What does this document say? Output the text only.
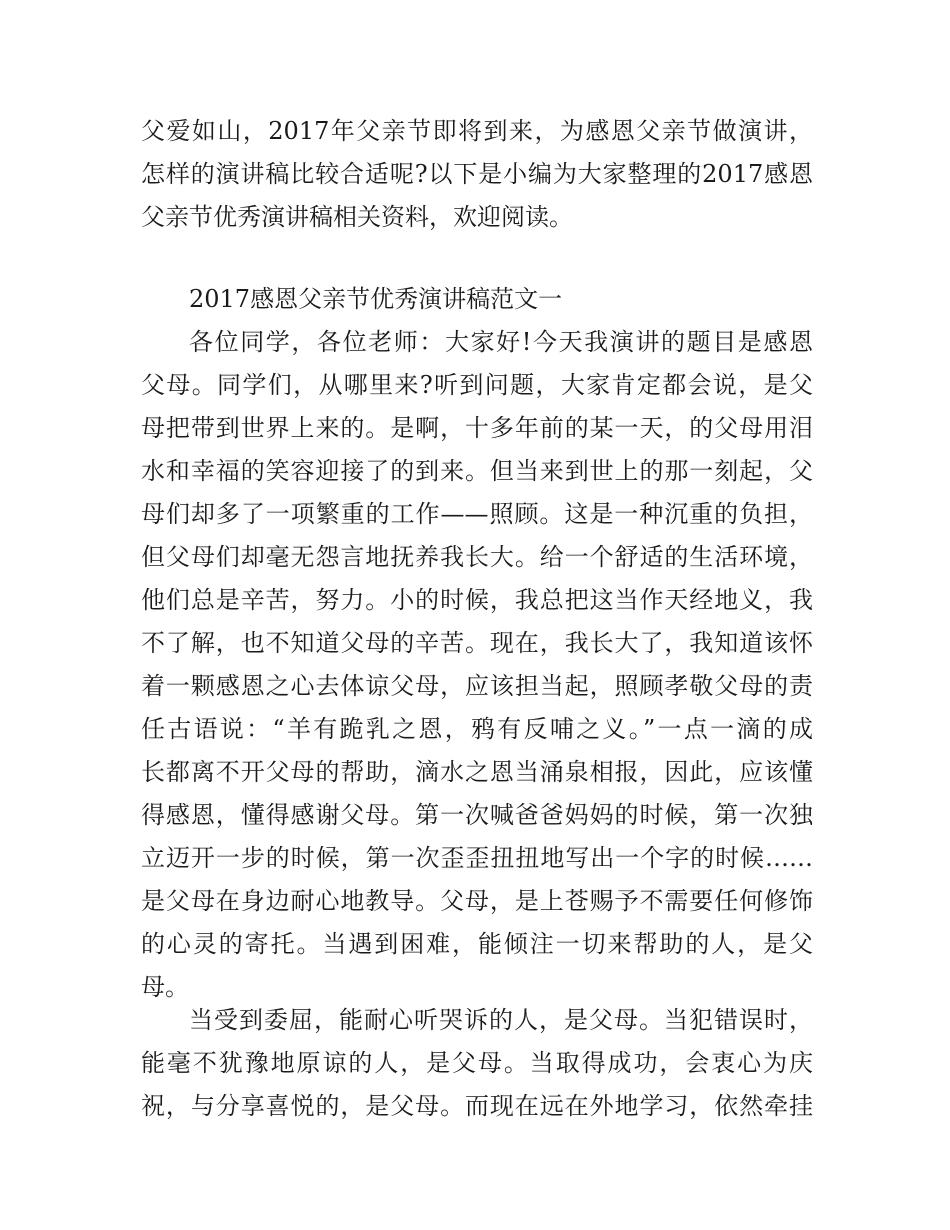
父爱如山，2017年父亲节即将到来，为感恩父亲节做演讲，
怎样的演讲稿比较合适呢?以下是小编为大家整理的2017感恩
父亲节优秀演讲稿相关资料，欢迎阅读。
2017感恩父亲节优秀演讲稿范文一
各位同学，各位老师：大家好!今天我演讲的题目是感恩
父母。同学们，从哪里来?听到问题，大家肯定都会说，是父
母把带到世界上来的。是啊，十多年前的某一天，的父母用泪
水和幸福的笑容迎接了的到来。但当来到世上的那一刻起，父
母们却多了一项繁重的工作——照顾。这是一种沉重的负担，
但父母们却毫无怨言地抚养我长大。给一个舒适的生活环境，
他们总是辛苦，努力。小的时候，我总把这当作天经地义，我
不了解，也不知道父母的辛苦。现在，我长大了，我知道该怀
着一颗感恩之心去体谅父母，应该担当起，照顾孝敬父母的责
任古语说：“羊有跪乳之恩，鸦有反哺之义。”一点一滴的成
长都离不开父母的帮助，滴水之恩当涌泉相报，因此，应该懂
得感恩，懂得感谢父母。第一次喊爸爸妈妈的时候，第一次独
立迈开一步的时候，第一次歪歪扭扭地写出一个字的时候……
是父母在身边耐心地教导。父母，是上苍赐予不需要任何修饰
的心灵的寄托。当遇到困难，能倾注一切来帮助的人，是父
母。
当受到委屈，能耐心听哭诉的人，是父母。当犯错误时，
能毫不犹豫地原谅的人，是父母。当取得成功，会衷心为庆
祝，与分享喜悦的，是父母。而现在远在外地学习，依然牵挂
